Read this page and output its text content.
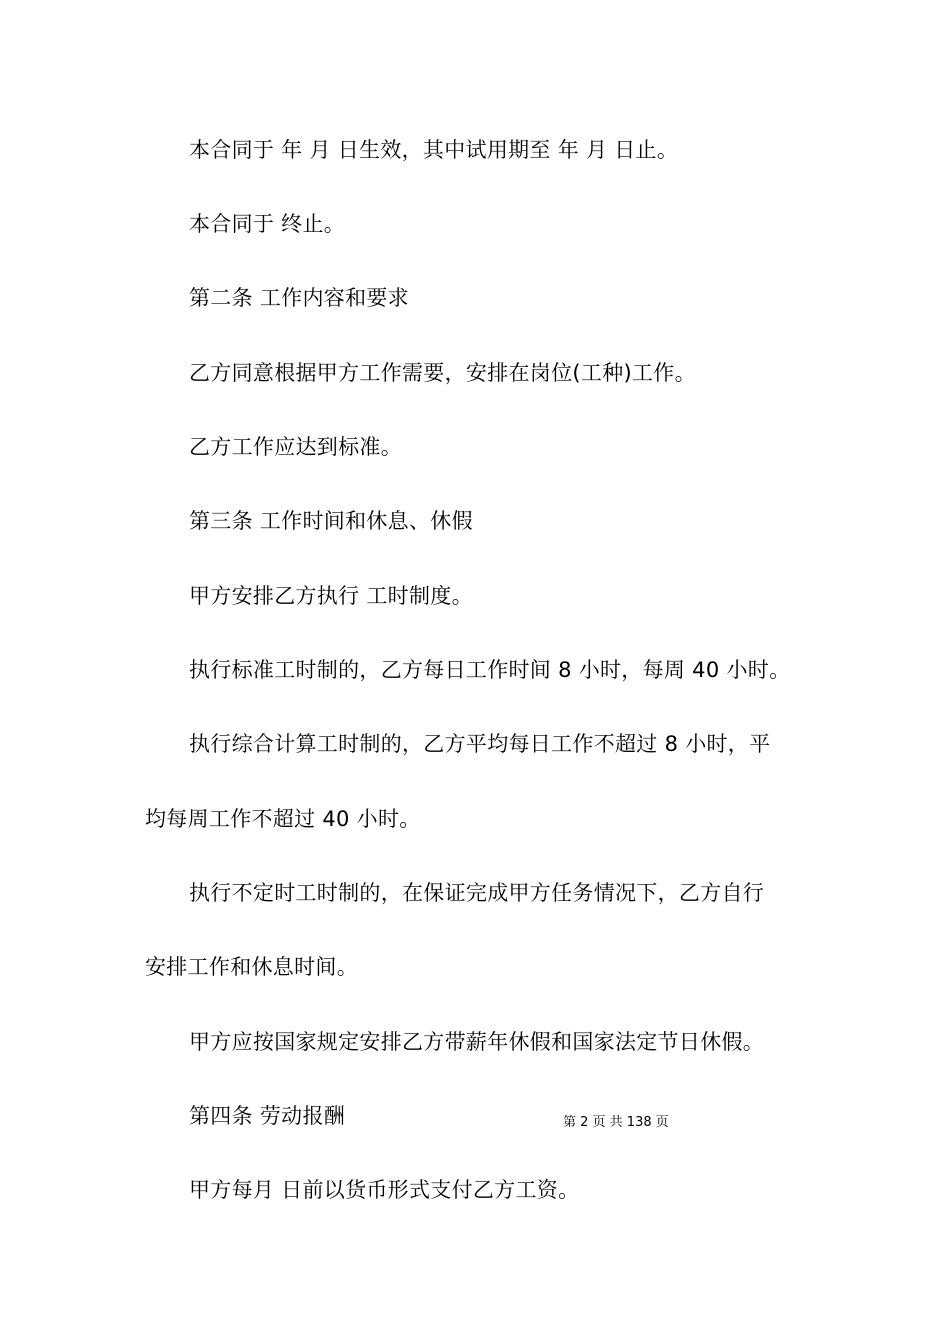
本合同于 年 月 日生效，其中试用期至 年 月 日止。
本合同于 终止。
第二条 工作内容和要求
乙方同意根据甲方工作需要，安排在岗位(工种)工作。
乙方工作应达到标准。
第三条 工作时间和休息、休假
甲方安排乙方执行 工时制度。
执行标准工时制的，乙方每日工作时间 8 小时，每周 40 小时。
执行综合计算工时制的，乙方平均每日工作不超过 8 小时，平
均每周工作不超过 40 小时。
执行不定时工时制的，在保证完成甲方任务情况下，乙方自行
安排工作和休息时间。
甲方应按国家规定安排乙方带薪年休假和国家法定节日休假。
第四条 劳动报酬	第 2 页 共 138 页
甲方每月 日前以货币形式支付乙方工资。
